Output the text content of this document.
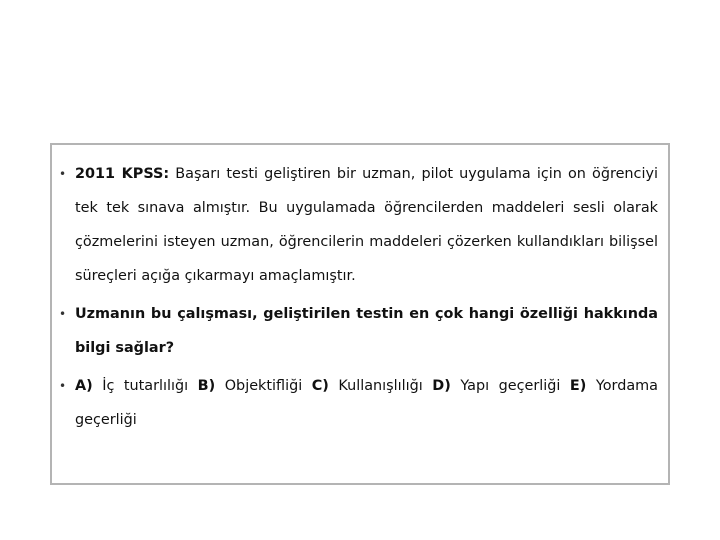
• 2011 KPSS: Başarı testi geliştiren bir uzman, pilot uygulama için on öğrenciyi tek tek sınava almıştır. Bu uygulamada öğrencilerden maddeleri sesli olarak çözmelerini isteyen uzman, öğrencilerin maddeleri çözerken kullandıkları bilişsel süreçleri açığa çıkarmayı amaçlamıştır.
• Uzmanın bu çalışması, geliştirilen testin en çok hangi özelliği hakkında bilgi sağlar?
• A) İç tutarlılığı B) Objektifliği C) Kullanışlılığı D) Yapı geçerliği E) Yordama geçerliği
